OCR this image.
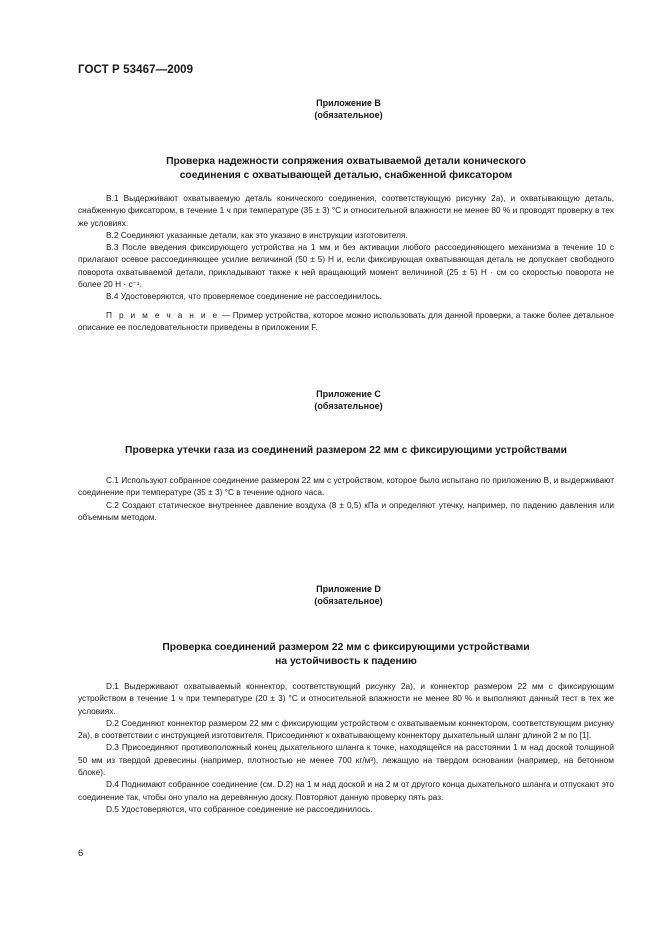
ГОСТ Р 53467—2009
Приложение B
(обязательное)
Проверка надежности сопряжения охватываемой детали конического
соединения с охватывающей деталью, снабженной фиксатором

В.1 Выдерживают охватываемую деталь конического соединения, соответствующую рисунку 2а), и охватывающую деталь, снабженную фиксатором, в течение 1 ч при температуре (35 ± 3) °С и относительной влажности не менее 80 % и проводят проверку в тех же условиях.

В.2 Соединяют указанные детали, как это указано в инструкции изготовителя.

В.3 После введения фиксирующего устройства на 1 мм и без активации любого рассоединяющего механизма в течение 10 с прилагают осевое рассоединяющее усилие величиной (50 ± 5) Н и, если фиксирующая охватывающая деталь не допускает свободного поворота охватываемой детали, прикладывают также к ней вращающий момент величиной (25 ± 5) Н · см со скоростью поворота не более 20 Н · с⁻¹.

В.4 Удостоверяются, что проверяемое соединение не рассоединилось.

П р и м е ч а н и е — Пример устройства, которое можно использовать для данной проверки, а также более детальное описание ее последовательности приведены в приложении F.

Приложение C
(обязательное)
Проверка утечки газа из соединений размером 22 мм с фиксирующими устройствами

С.1 Используют собранное соединение размером 22 мм с устройством, которое было испытано по приложению В, и выдерживают соединение при температуре (35 ± 3) °С в течение одного часа.

С.2 Создают статическое внутреннее давление воздуха (8 ± 0,5) кПа и определяют утечку, например, по падению давления или объемным методом.

Приложение D
(обязательное)
Проверка соединений размером 22 мм с фиксирующими устройствами
на устойчивость к падению

D.1 Выдерживают охватываемый коннектор, соответствующий рисунку 2а), и коннектор размером 22 мм с фиксирующим устройством в течение 1 ч при температуре (20 ± 3) °С и относительной влажности не менее 80 % и выполняют данный тест в тех же условиях.

D.2 Соединяют коннектор размером 22 мм с фиксирующим устройством с охватываемым коннектором, соответствующим рисунку 2а), в соответствии с инструкцией изготовителя. Присоединяют к охватывающему коннектору дыхательный шланг длиной 2 м по [1].

D.3 Присоединяют противоположный конец дыхательного шланга к точке, находящейся на расстоянии 1 м над доской толщиной 50 мм из твердой древесины (например, плотностью не менее 700 кг/м³), лежащую на твердом основании (например, на бетонном блоке).

D.4 Поднимают собранное соединение (см. D.2) на 1 м над доской и на 2 м от другого конца дыхательного шланга и отпускают это соединение так, чтобы оно упало на деревянную доску. Повторяют данную проверку пять раз.

D.5 Удостоверяются, что собранное соединение не рассоединилось.

6
